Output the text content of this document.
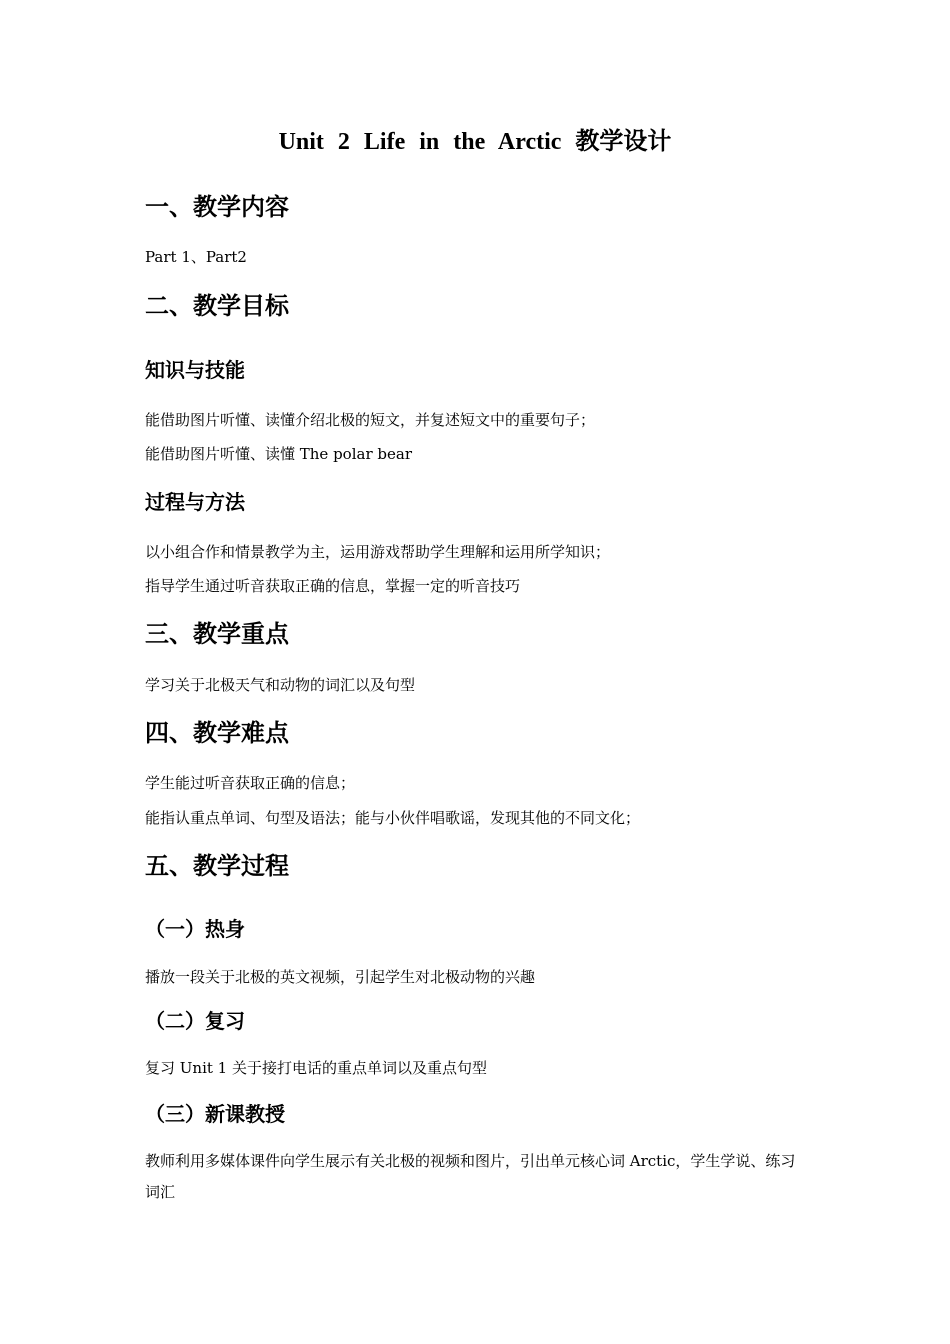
Unit 2 Life in the Arctic 教学设计
一、教学内容

Part 1、Part2

二、教学目标
知识与技能

能借助图片听懂、读懂介绍北极的短文，并复述短文中的重要句子；

能借助图片听懂、读懂 The polar bear

过程与方法

以小组合作和情景教学为主，运用游戏帮助学生理解和运用所学知识；

指导学生通过听音获取正确的信息，掌握一定的听音技巧

三、教学重点

学习关于北极天气和动物的词汇以及句型

四、教学难点

学生能过听音获取正确的信息；

能指认重点单词、句型及语法；能与小伙伴唱歌谣，发现其他的不同文化；

五、教学过程
（一）热身

播放一段关于北极的英文视频，引起学生对北极动物的兴趣

（二）复习

复习 Unit 1 关于接打电话的重点单词以及重点句型

（三）新课教授

教师利用多媒体课件向学生展示有关北极的视频和图片，引出单元核心词 Arctic，学生学说、练习词汇
